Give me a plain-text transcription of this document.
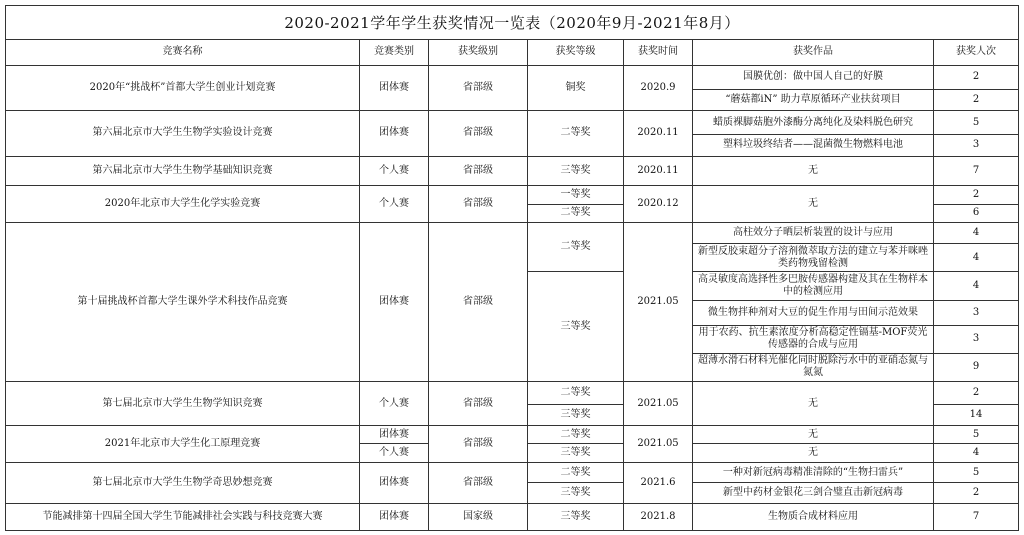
2020-2021学年学生获奖情况一览表（2020年9月-2021年8月）						
竞赛名称	竞赛类别	获奖级别	获奖等级	获奖时间	获奖作品	获奖人次
2020年“挑战杯”首都大学生创业计划竞赛	团体赛	省部级	铜奖	2020.9	国膜优创：做中国人自己的好膜	2
					“蘑菇都iN” 助力草原循环产业扶贫项目	2
第六届北京市大学生生物学实验设计竞赛	团体赛	省部级	二等奖	2020.11	蜡质裸脚菇胞外漆酶分离纯化及染料脱色研究	5
					塑料垃圾终结者——混菌微生物燃料电池	3
第六届北京市大学生生物学基础知识竞赛	个人赛	省部级	三等奖	2020.11	无	7
2020年北京市大学生化学实验竞赛	个人赛	省部级	一等奖	2020.12	无	2
			二等奖			6
第十届挑战杯首都大学生课外学术科技作品竞赛	团体赛	省部级	二等奖	2021.05	高柱效分子晒层析装置的设计与应用	4
					新型反胶束超分子溶剂微萃取方法的建立与苯并咪唑类药物残留检测	4
			三等奖		高灵敏度高选择性多巴胺传感器构建及其在生物样本中的检测应用	4
					微生物拌种剂对大豆的促生作用与田间示范效果	3
					用于农药、抗生素浓度分析高稳定性镉基-MOF荧光传感器的合成与应用	3
					超薄水滑石材料光催化同时脱除污水中的亚硝态氮与氮氮	9
第七届北京市大学生生物学知识竞赛	个人赛	省部级	二等奖	2021.05	无	2
			三等奖			14
2021年北京市大学生化工原理竞赛	团体赛	省部级	二等奖	2021.05	无	5
	个人赛		三等奖		无	4
第七届北京市大学生生物学奇思妙想竞赛	团体赛	省部级	二等奖	2021.6	一种对新冠病毒精准清除的“生物扫雷兵”	5
			三等奖		新型中药材金银花三剑合璧直击新冠病毒	2
节能减排第十四届全国大学生节能减排社会实践与科技竞赛大赛	团体赛	国家级	三等奖	2021.8	生物质合成材料应用	7
